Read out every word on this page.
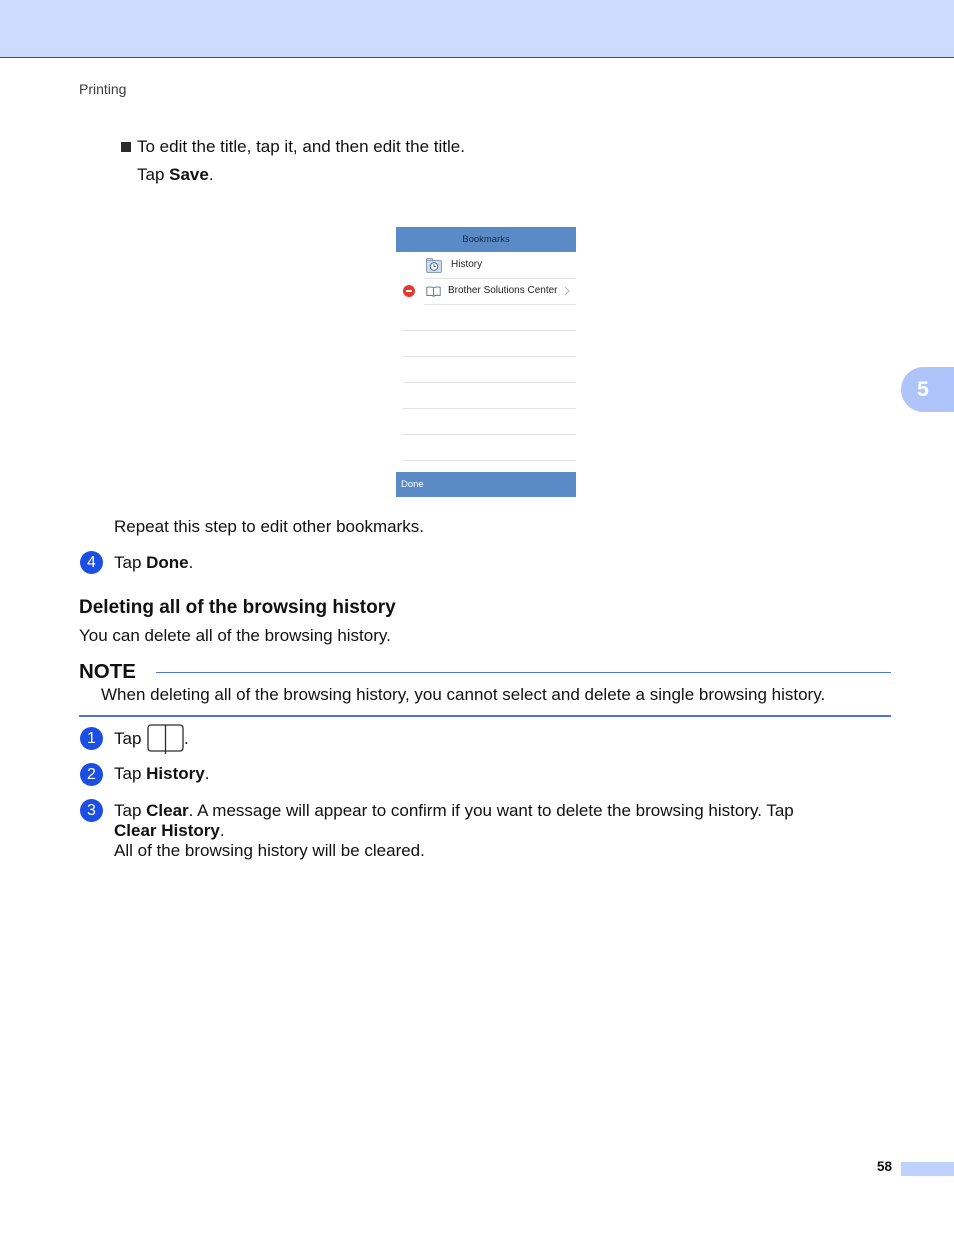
Printing
5
To edit the title, tap it, and then edit the title.
Tap Save.
Bookmarks
History
Brother Solutions Center
Done
Repeat this step to edit other bookmarks.
4	Tap Done.
Deleting all of the browsing history
You can delete all of the browsing history.
NOTE
When deleting all of the browsing history, you cannot select and delete a single browsing history.
1	Tap	.
2	Tap History.
3	Tap Clear. A message will appear to confirm if you want to delete the browsing history. Tap
Clear History.
All of the browsing history will be cleared.
58
